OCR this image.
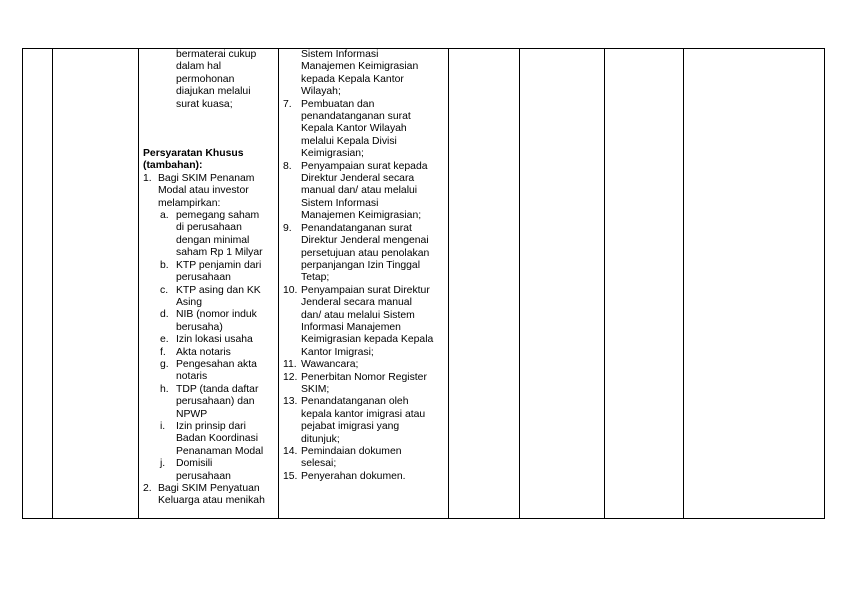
bermaterai cukup
dalam hal
permohonan
diajukan melalui
surat kuasa;
Persyaratan Khusus
(tambahan):
1. Bagi SKIM Penanam
Modal atau investor
melampirkan:
a. pemegang saham
di perusahaan
dengan minimal
saham Rp 1 Milyar
b. KTP penjamin dari
perusahaan
c. KTP asing dan KK
Asing
d. NIB (nomor induk
berusaha)
e. Izin lokasi usaha
f. Akta notaris
g. Pengesahan akta
notaris
h. TDP (tanda daftar
perusahaan) dan
NPWP
i.	Izin prinsip dari
Badan Koordinasi
Penanaman Modal
j.	Domisili
perusahaan
2. Bagi SKIM Penyatuan
Keluarga atau menikah

Sistem Informasi
Manajemen Keimigrasian
kepada Kepala Kantor
Wilayah;
7. Pembuatan dan
penandatanganan surat
Kepala Kantor Wilayah
melalui Kepala Divisi
Keimigrasian;
8. Penyampaian surat kepada
Direktur Jenderal secara
manual dan/ atau melalui
Sistem Informasi
Manajemen Keimigrasian;
9. Penandatanganan surat
Direktur Jenderal mengenai
persetujuan atau penolakan
perpanjangan Izin Tinggal
Tetap;
10. Penyampaian surat Direktur
Jenderal secara manual
dan/ atau melalui Sistem
Informasi Manajemen
Keimigrasian kepada Kepala
Kantor Imigrasi;
11. Wawancara;
12. Penerbitan Nomor Register
SKIM;
13. Penandatanganan oleh
kepala kantor imigrasi atau
pejabat imigrasi yang
ditunjuk;
14. Pemindaian dokumen
selesai;
15. Penyerahan dokumen.
